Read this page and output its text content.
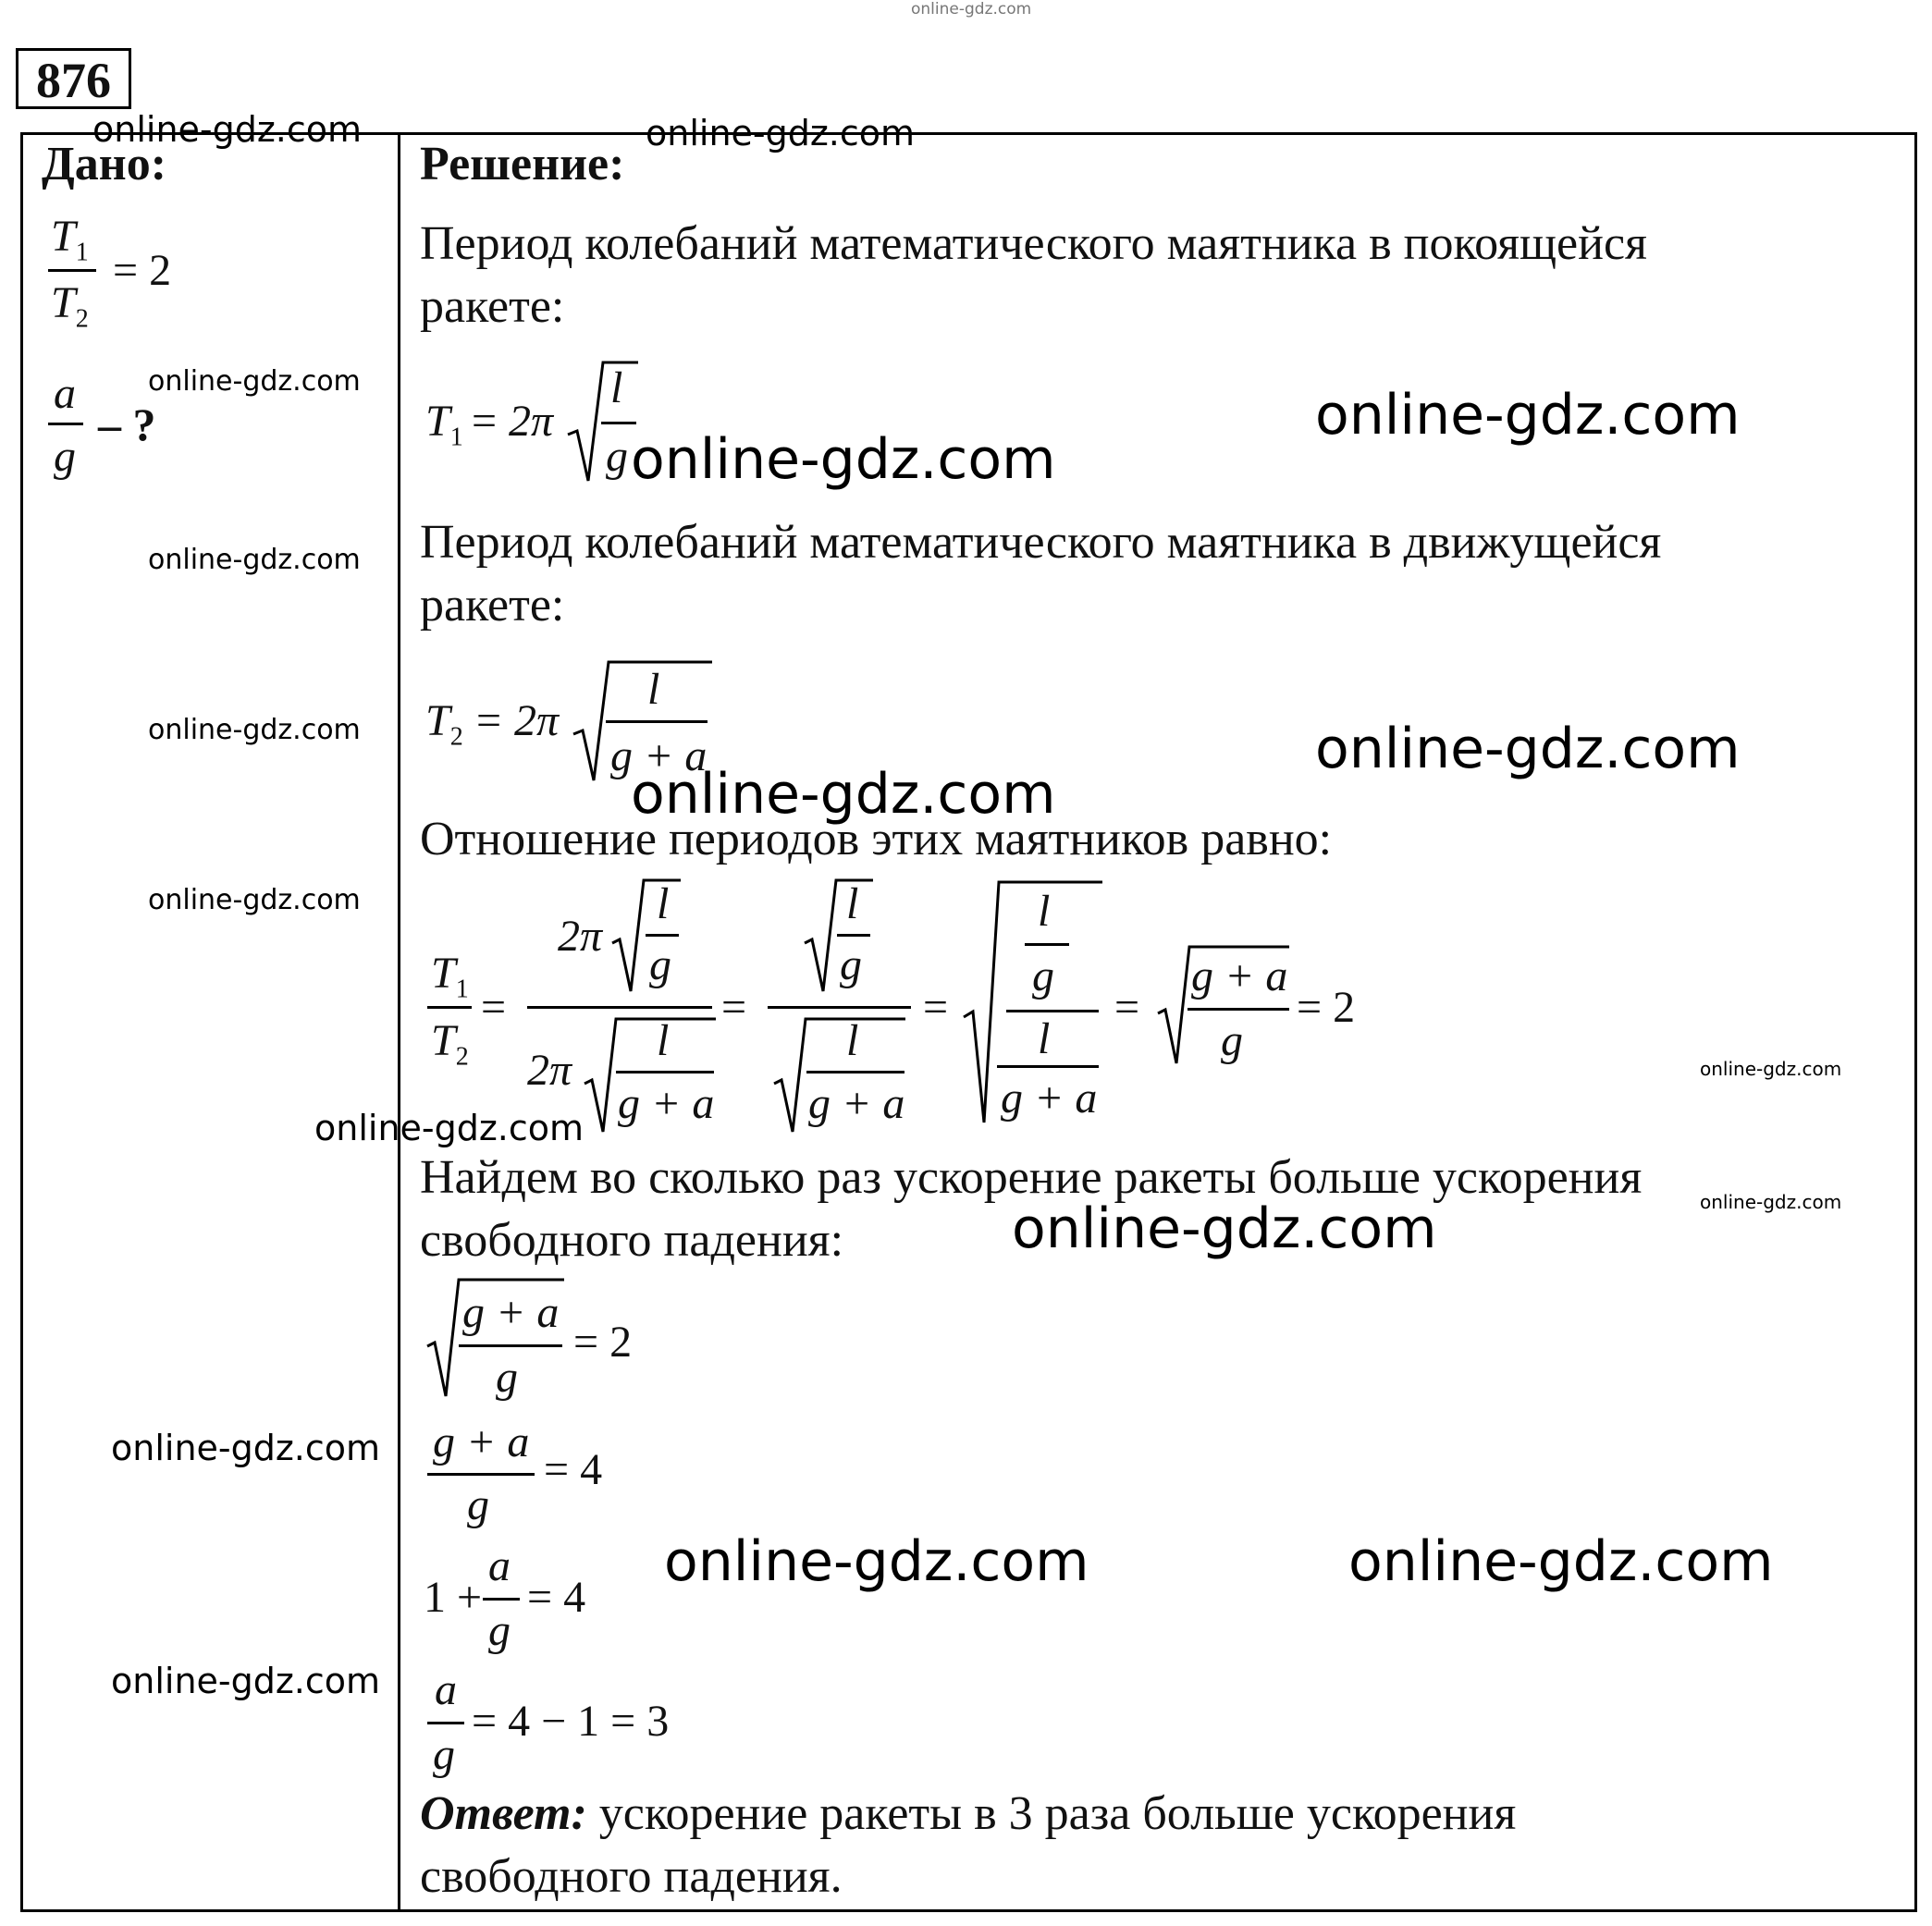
online-gdz.com
876
Дано:	Решение:
$T_1$
$T_2$
= 2
a
g
– ?
Период колебаний математического маятника в покоящейся
ракете:
$T_1 = 2\pi$
l
g
Период колебаний математического маятника в движущейся
ракете:
$T_2 = 2\pi$
l
g + a
Отношение периодов этих маятников равно:
$T_1$
$T_2$
=
2π
l
g
2π
l
g + a
=
l
g
l
g + a
=
l
g
l
g + a
=
g + a
g
= 2
Найдем во сколько раз ускорение ракеты больше ускорения
свободного падения:
g + a
g
= 2
g + a
g
= 4
1 +
a
g
= 4
a
g
= 4 − 1 = 3
Ответ: ускорение ракеты в 3 раза больше ускорения
свободного падения.
online-gdz.com	online-gdz.com
online-gdz.com
online-gdz.com
online-gdz.com
online-gdz.com
online-gdz.com	online-gdz.com
online-gdz.com
online-gdz.com
online-gdz.com
online-gdz.com
online-gdz.com
online-gdz.com
online-gdz.com
online-gdz.com	online-gdz.com
online-gdz.com
